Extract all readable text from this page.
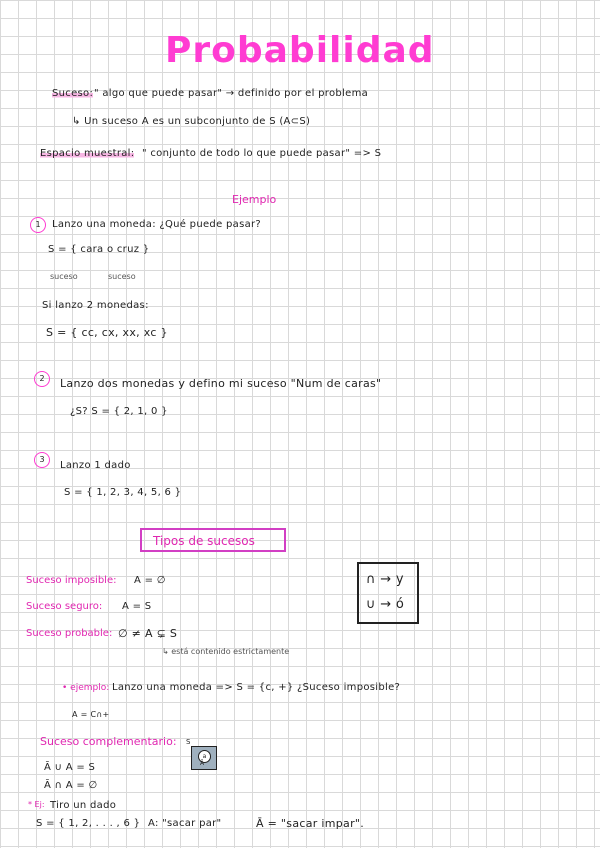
Probabilidad
Suceso: " algo que puede pasar" → definido por el problema
↳ Un suceso A es un subconjunto de S (A⊂S)
Espacio muestral: " conjunto de todo lo que puede pasar" => S
Ejemplo
1	Lanzo una moneda: ¿Qué puede pasar?
S = { cara o cruz }
suceso	suceso
Si lanzo 2 monedas:
S = { cc, cx, xx, xc }
2	Lanzo dos monedas y defino mi suceso "Num de caras"
¿S? S = { 2, 1, 0 }
3
Lanzo 1 dado
S = { 1, 2, 3, 4, 5, 6 }
Tipos de sucesos
∩ → y
∪ → ó
Suceso imposible: A = ∅
Suceso seguro: A = S
Suceso probable: ∅ ≠ A ⊊ S
↳ está contenido estrictamente
• ejemplo: Lanzo una moneda => S = {c, +} ¿Suceso imposible?
A = C∩+
Suceso complementario: S
a
Ā
Ā ∪ A = S
Ā ∩ A = ∅
* Ej: Tiro un dado
S = { 1, 2, . . . , 6 } A: "sacar par"	Ā = "sacar impar".
